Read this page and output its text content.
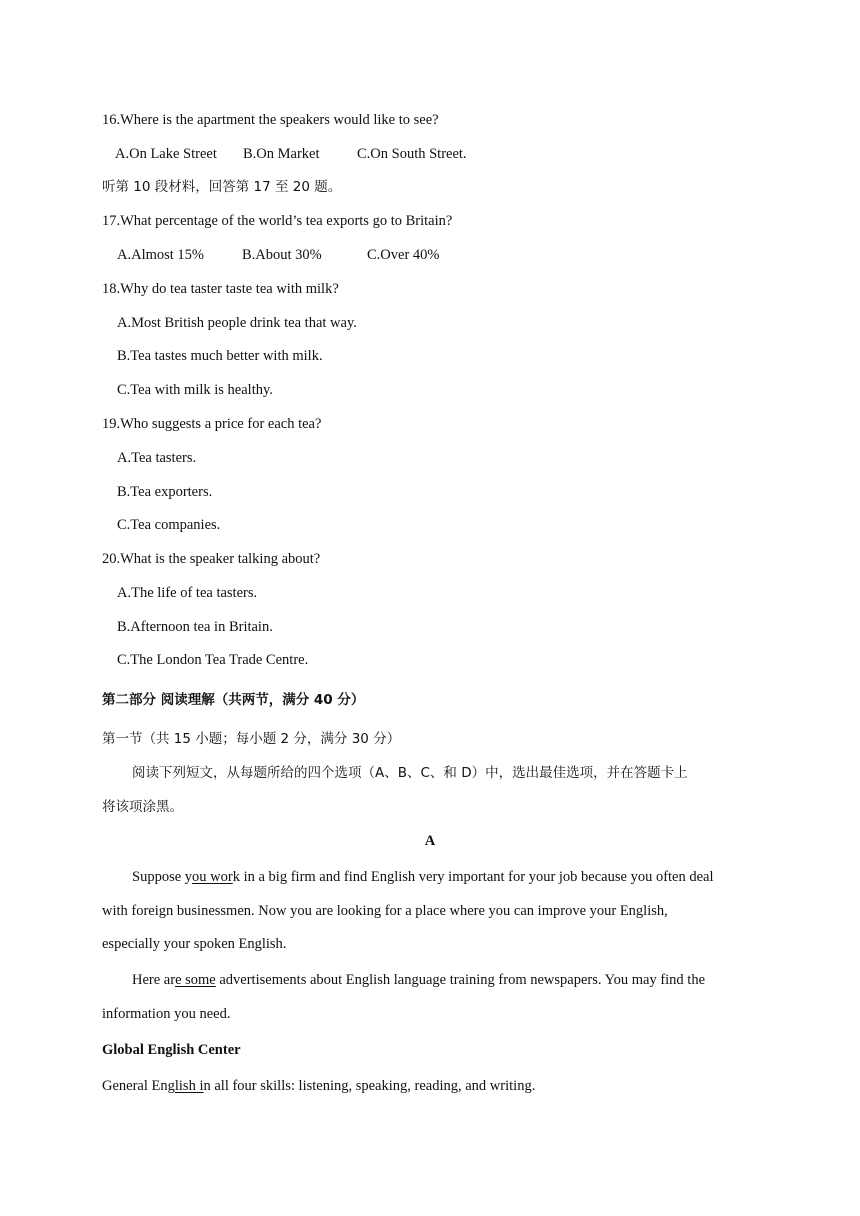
16.Where is the apartment the speakers would like to see?
A.On Lake Street B.On Market	C.On South Street.
听第 10 段材料，回答第 17 至 20 题。
17.What percentage of the world’s tea exports go to Britain?
A.Almost 15%	B.About 30%	C.Over 40%
18.Why do tea taster taste tea with milk?
A.Most British people drink tea that way.
B.Tea tastes much better with milk.
C.Tea with milk is healthy.
19.Who suggests a price for each tea?
A.Tea tasters.
B.Tea exporters.
C.Tea companies.
20.What is the speaker talking about?
A.The life of tea tasters.
B.Afternoon tea in Britain.
C.The London Tea Trade Centre.
第二部分 阅读理解（共两节，满分 40 分）
第一节（共 15 小题；每小题 2 分，满分 30 分）
阅读下列短文，从每题所给的四个选项（A、B、C、和 D）中，选出最佳选项，并在答题卡上
将该项涂黑。
A
Suppose you work in a big firm and find English very important for your job because you often deal
with foreign businessmen. Now you are looking for a place where you can improve your English,
especially your spoken English.
Here are some advertisements about English language training from newspapers. You may find the
information you need.
Global English Center
General English in all four skills: listening, speaking, reading, and writing.
